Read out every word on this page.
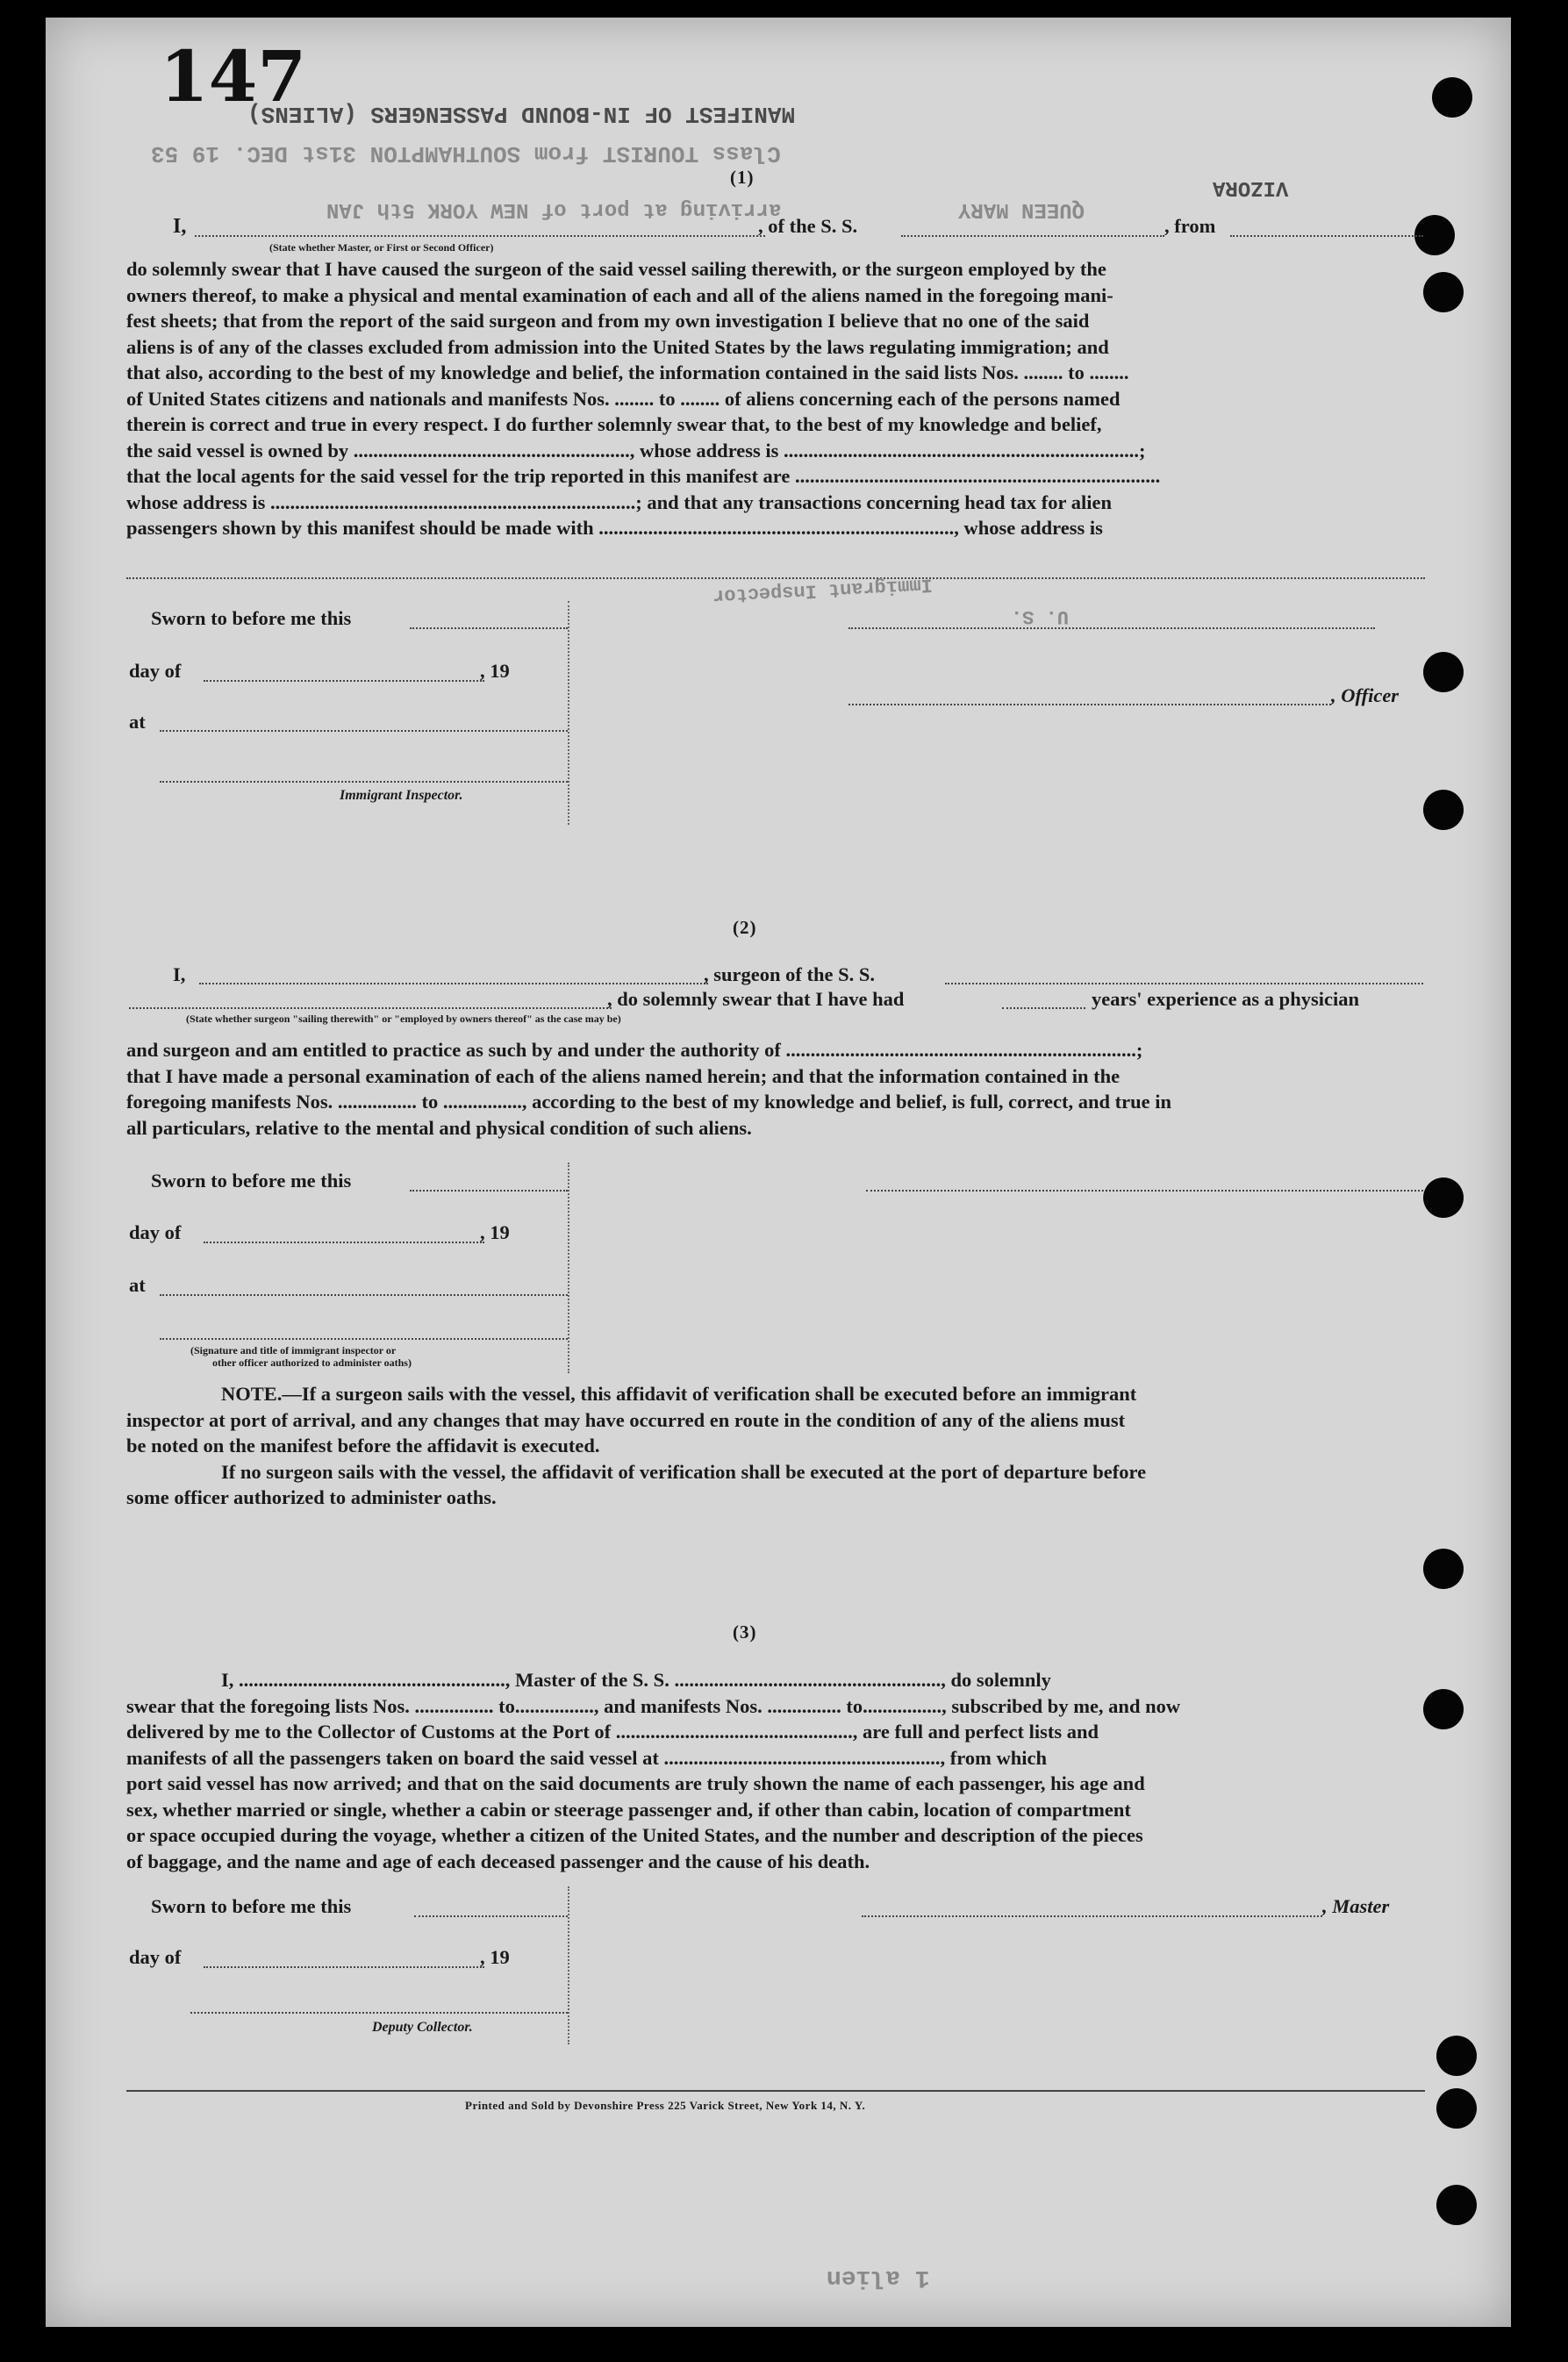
147
MANIFEST OF IN-BOUND PASSENGERS (ALIENS)
Class TOURIST from SOUTHAMPTON 31st DEC. 19 53
arriving at port of NEW YORK 5th JAN	QUEEN MARY
VIZORA
(1)
I,	, of the S. S.	, from
(State whether Master, or First or Second Officer)

do solemnly swear that I have caused the surgeon of the said vessel sailing therewith, or the surgeon employed by the

owners thereof, to make a physical and mental examination of each and all of the aliens named in the foregoing mani-

fest sheets; that from the report of the said surgeon and from my own investigation I believe that no one of the said

aliens is of any of the classes excluded from admission into the United States by the laws regulating immigration; and

that also, according to the best of my knowledge and belief, the information contained in the said lists Nos. ........ to ........

of United States citizens and nationals and manifests Nos. ........ to ........ of aliens concerning each of the persons named

therein is correct and true in every respect. I do further solemnly swear that, to the best of my knowledge and belief,

the said vessel is owned by ........................................................, whose address is ........................................................................;

that the local agents for the said vessel for the trip reported in this manifest are ..........................................................................

whose address is ..........................................................................; and that any transactions concerning head tax for alien

passengers shown by this manifest should be made with ........................................................................, whose address is

Immigrant Inspector
U. S.
Sworn to before me this
day of	, 19
, Officer
at
Immigrant Inspector.
(2)
I,	, surgeon of the S. S.
, do solemnly swear that I have had	years' experience as a physician
(State whether surgeon "sailing therewith" or "employed by owners thereof" as the case may be)

and surgeon and am entitled to practice as such by and under the authority of .......................................................................;

that I have made a personal examination of each of the aliens named herein; and that the information contained in the

foregoing manifests Nos. ................ to ................, according to the best of my knowledge and belief, is full, correct, and true in

all particulars, relative to the mental and physical condition of such aliens.

Sworn to before me this
day of	, 19
at
(Signature and title of immigrant inspector or
other officer authorized to administer oaths)

NOTE.—If a surgeon sails with the vessel, this affidavit of verification shall be executed before an immigrant

inspector at port of arrival, and any changes that may have occurred en route in the condition of any of the aliens must

be noted on the manifest before the affidavit is executed.

If no surgeon sails with the vessel, the affidavit of verification shall be executed at the port of departure before

some officer authorized to administer oaths.

(3)

I, ......................................................, Master of the S. S. ......................................................, do solemnly

swear that the foregoing lists Nos. ................ to................, and manifests Nos. ............... to................, subscribed by me, and now

delivered by me to the Collector of Customs at the Port of ................................................, are full and perfect lists and

manifests of all the passengers taken on board the said vessel at ........................................................, from which

port said vessel has now arrived; and that on the said documents are truly shown the name of each passenger, his age and

sex, whether married or single, whether a cabin or steerage passenger and, if other than cabin, location of compartment

or space occupied during the voyage, whether a citizen of the United States, and the number and description of the pieces

of baggage, and the name and age of each deceased passenger and the cause of his death.

Sworn to before me this	, Master
day of	, 19
Deputy Collector.
Printed and Sold by Devonshire Press 225 Varick Street, New York 14, N. Y.
1 alien
